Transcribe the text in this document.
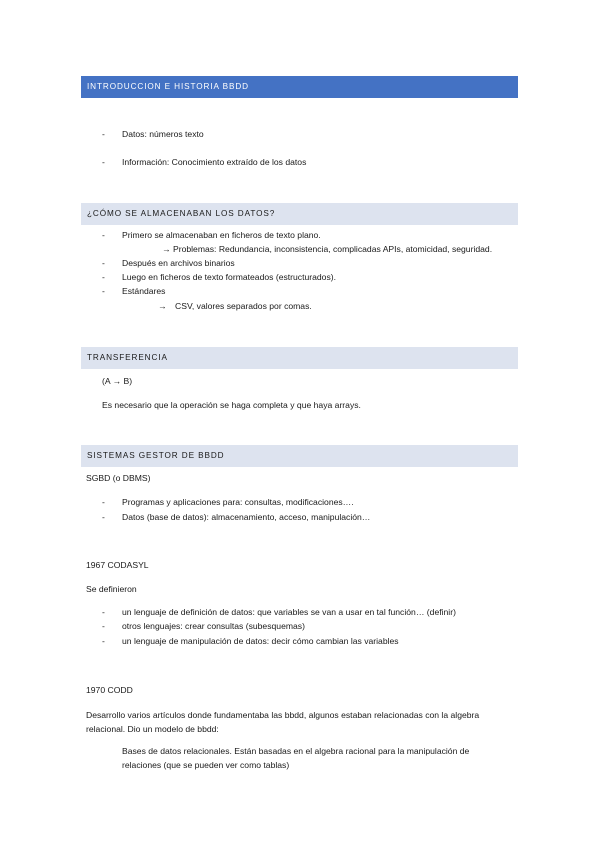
INTRODUCCION E HISTORIA BBDD
- Datos: números texto
- Información: Conocimiento extraído de los datos
¿CÓMO SE ALMACENABAN LOS DATOS?
- Primero se almacenaban en ficheros de texto plano.
→ Problemas: Redundancia, inconsistencia, complicadas APIs, atomicidad, seguridad.
- Después en archivos binarios
- Luego en ficheros de texto formateados (estructurados).
- Estándares
→ CSV, valores separados por comas.
TRANSFERENCIA
(A → B)
Es necesario que la operación se haga completa y que haya arrays.
SISTEMAS GESTOR DE BBDD
SGBD (o DBMS)
- Programas y aplicaciones para: consultas, modificaciones….
- Datos (base de datos): almacenamiento, acceso, manipulación…
1967 CODASYL
Se definieron
- un lenguaje de definición de datos: que variables se van a usar en tal función… (definir)
- otros lenguajes: crear consultas (subesquemas)
- un lenguaje de manipulación de datos: decir cómo cambian las variables
1970 CODD
Desarrollo varios artículos donde fundamentaba las bbdd, algunos estaban relacionadas con la algebra
relacional. Dio un modelo de bbdd:
Bases de datos relacionales. Están basadas en el algebra racional para la manipulación de
relaciones (que se pueden ver como tablas)
